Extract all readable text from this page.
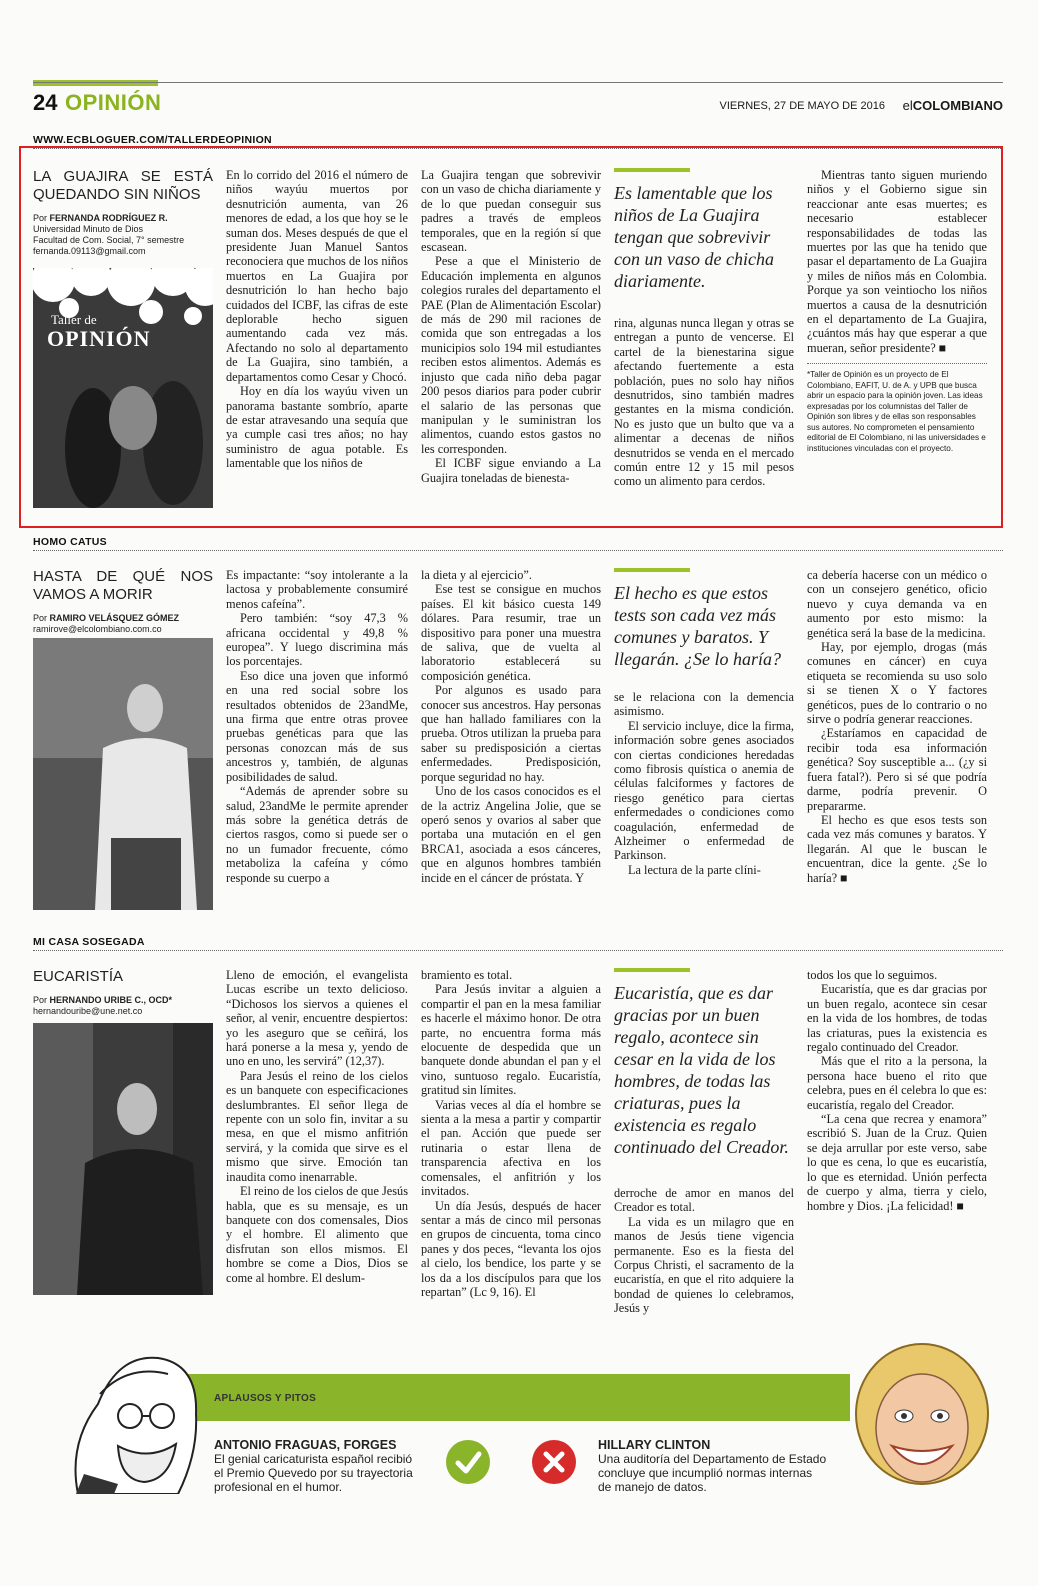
24 OPINIÓN	VIERNES, 27 DE MAYO DE 2016 elCOLOMBIANO
WWW.ECBLOGUER.COM/TALLERDEOPINION
LA GUAJIRA SE ESTÁ QUEDANDO SIN NIÑOS
Por FERNANDA RODRÍGUEZ R.
Universidad Minuto de Dios
Facultad de Com. Social, 7° semestre
fernanda.09113@gmail.com
Taller de
OPINIÓN

En lo corrido del 2016 el número de niños wayúu muertos por desnutrición aumenta, van 26 menores de edad, a los que hoy se le suman dos. Meses después de que el presidente Juan Manuel Santos reconociera que muchos de los niños muertos en La Guajira por desnutrición lo han hecho bajo cuidados del ICBF, las cifras de este deplorable hecho siguen aumentando cada vez más. Afectando no solo al departamento de La Guajira, sino también, a departamentos como Cesar y Chocó.

Hoy en día los wayúu viven un panorama bastante sombrío, aparte de estar atravesando una sequía que ya cumple casi tres años; no hay suministro de agua potable. Es lamentable que los niños de

La Guajira tengan que sobrevivir con un vaso de chicha diariamente y de lo que puedan conseguir sus padres a través de empleos temporales, que en la región sí que escasean.

Pese a que el Ministerio de Educación implementa en algunos colegios rurales del departamento el PAE (Plan de Alimentación Escolar) de más de 290 mil raciones de comida que son entregadas a los municipios solo 194 mil estudiantes reciben estos alimentos. Además es injusto que cada niño deba pagar 200 pesos diarios para poder cubrir el salario de las personas que manipulan y le suministran los alimentos, cuando estos gastos no les corresponden.

El ICBF sigue enviando a La Guajira toneladas de bienesta-

Es lamentable que los niños de La Guajira tengan que sobrevivir con un vaso de chicha diariamente.

rina, algunas nunca llegan y otras se entregan a punto de vencerse. El cartel de la bienestarina sigue afectando fuertemente a esta población, pues no solo hay niños desnutridos, sino también madres gestantes en la misma condición. No es justo que un bulto que va a alimentar a decenas de niños desnutridos se venda en el mercado común entre 12 y 15 mil pesos como un alimento para cerdos.

Mientras tanto siguen muriendo niños y el Gobierno sigue sin reaccionar ante esas muertes; es necesario establecer responsabilidades de todas las muertes por las que ha tenido que pasar el departamento de La Guajira y miles de niños más en Colombia. Porque ya son veintiocho los niños muertos a causa de la desnutrición en el departamento de La Guajira, ¿cuántos más hay que esperar a que mueran, señor presidente? ■

*Taller de Opinión es un proyecto de El Colombiano, EAFIT, U. de A. y UPB que busca abrir un espacio para la opinión joven. Las ideas expresadas por los columnistas del Taller de Opinión son libres y de ellas son responsables sus autores. No comprometen el pensamiento editorial de El Colombiano, ni las universidades e instituciones vinculadas con el proyecto.
HOMO CATUS
HASTA DE QUÉ NOS VAMOS A MORIR
Por RAMIRO VELÁSQUEZ GÓMEZ
ramirove@elcolombiano.com.co

Es impactante: “soy intolerante a la lactosa y probablemente consumiré menos cafeína”.

Pero también: “soy 47,3 % africana occidental y 49,8 % europea”. Y luego discrimina más los porcentajes.

Eso dice una joven que informó en una red social sobre los resultados obtenidos de 23andMe, una firma que entre otras provee pruebas genéticas para que las personas conozcan más de sus ancestros y, también, de algunas posibilidades de salud.

“Además de aprender sobre su salud, 23andMe le permite aprender más sobre la genética detrás de ciertos rasgos, como si puede ser o no un fumador frecuente, cómo metaboliza la cafeína y cómo responde su cuerpo a

la dieta y al ejercicio”.

Ese test se consigue en muchos países. El kit básico cuesta 149 dólares. Para resumir, trae un dispositivo para poner una muestra de saliva, que de vuelta al laboratorio establecerá su composición genética.

Por algunos es usado para conocer sus ancestros. Hay personas que han hallado familiares con la prueba. Otros utilizan la prueba para saber su predisposición a ciertas enfermedades. Predisposición, porque seguridad no hay.

Uno de los casos conocidos es el de la actriz Angelina Jolie, que se operó senos y ovarios al saber que portaba una mutación en el gen BRCA1, asociada a esos cánceres, que en algunos hombres también incide en el cáncer de próstata. Y

El hecho es que estos tests son cada vez más comunes y baratos. Y llegarán. ¿Se lo haría?

se le relaciona con la demencia asimismo.

El servicio incluye, dice la firma, información sobre genes asociados con ciertas condiciones heredadas como fibrosis quística o anemia de células falciformes y factores de riesgo genético para ciertas enfermedades o condiciones como coagulación, enfermedad de Alzheimer o enfermedad de Parkinson.

La lectura de la parte clíni-

ca debería hacerse con un médico o con un consejero genético, oficio nuevo y cuya demanda va en aumento por esto mismo: la genética será la base de la medicina.

Hay, por ejemplo, drogas (más comunes en cáncer) en cuya etiqueta se recomienda su uso solo si se tienen X o Y factores genéticos, pues de lo contrario o no sirve o podría generar reacciones.

¿Estaríamos en capacidad de recibir toda esa información genética? Soy susceptible a... (¿y si fuera fatal?). Pero si sé que podría darme, podría prevenir. O prepararme.

El hecho es que esos tests son cada vez más comunes y baratos. Y llegarán. Al que le buscan le encuentran, dice la gente. ¿Se lo haría? ■

MI CASA SOSEGADA
EUCARISTÍA
Por HERNANDO URIBE C., OCD*
hernandouribe@une.net.co

Lleno de emoción, el evangelista Lucas escribe un texto delicioso. “Dichosos los siervos a quienes el señor, al venir, encuentre despiertos: yo les aseguro que se ceñirá, los hará ponerse a la mesa y, yendo de uno en uno, les servirá” (12,37).

Para Jesús el reino de los cielos es un banquete con especificaciones deslumbrantes. El señor llega de repente con un solo fin, invitar a su mesa, en que el mismo anfitrión servirá, y la comida que sirve es el mismo que sirve. Emoción tan inaudita como inenarrable.

El reino de los cielos de que Jesús habla, que es su mensaje, es un banquete con dos comensales, Dios y el hombre. El alimento que disfrutan son ellos mismos. El hombre se come a Dios, Dios se come al hombre. El deslum-

bramiento es total.

Para Jesús invitar a alguien a compartir el pan en la mesa familiar es hacerle el máximo honor. De otra parte, no encuentra forma más elocuente de despedida que un banquete donde abundan el pan y el vino, suntuoso regalo. Eucaristía, gratitud sin límites.

Varias veces al día el hombre se sienta a la mesa a partir y compartir el pan. Acción que puede ser rutinaria o estar llena de transparencia afectiva en los comensales, el anfitrión y los invitados.

Un día Jesús, después de hacer sentar a más de cinco mil personas en grupos de cincuenta, toma cinco panes y dos peces, “levanta los ojos al cielo, los bendice, los parte y se los da a los discípulos para que los repartan” (Lc 9, 16). El

Eucaristía, que es dar gracias por un buen regalo, acontece sin cesar en la vida de los hombres, de todas las criaturas, pues la existencia es regalo continuado del Creador.

derroche de amor en manos del Creador es total.

La vida es un milagro que en manos de Jesús tiene vigencia permanente. Eso es la fiesta del Corpus Christi, el sacramento de la eucaristía, en que el rito adquiere la bondad de quienes lo celebramos, Jesús y

todos los que lo seguimos.

Eucaristía, que es dar gracias por un buen regalo, acontece sin cesar en la vida de los hombres, de todas las criaturas, pues la existencia es regalo continuado del Creador.

Más que el rito a la persona, la persona hace bueno el rito que celebra, pues en él celebra lo que es: eucaristía, regalo del Creador.

“La cena que recrea y enamora” escribió S. Juan de la Cruz. Quien se deja arrullar por este verso, sabe lo que es cena, lo que es eucaristía, lo que es eternidad. Unión perfecta de cuerpo y alma, tierra y cielo, hombre y Dios. ¡La felicidad! ■

APLAUSOS Y PITOS
ANTONIO FRAGUAS, FORGES
El genial caricaturista español recibió el Premio Quevedo por su trayectoria profesional en el humor.
HILLARY CLINTON
Una auditoría del Departamento de Estado concluye que incumplió normas internas de manejo de datos.
